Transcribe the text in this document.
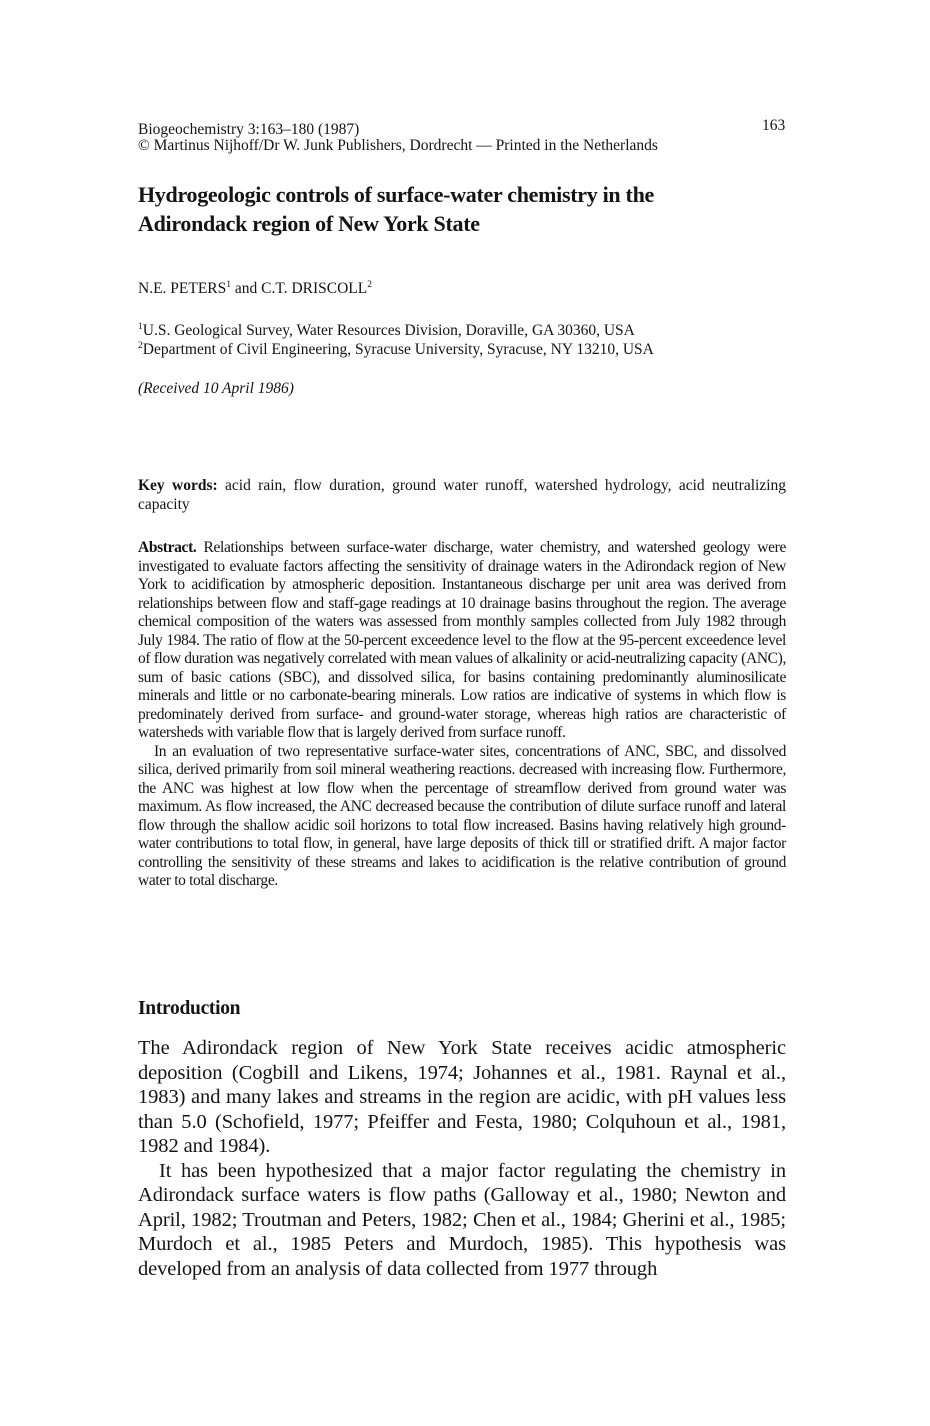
Biogeochemistry 3:163–180 (1987)
© Martinus Nijhoff/Dr W. Junk Publishers, Dordrecht — Printed in the Netherlands
163
Hydrogeologic controls of surface-water chemistry in the
Adirondack region of New York State
N.E. PETERS$^1$ and C.T. DRISCOLL$^2$
$^1$U.S. Geological Survey, Water Resources Division, Doraville, GA 30360, USA
$^2$Department of Civil Engineering, Syracuse University, Syracuse, NY 13210, USA
(Received 10 April 1986)
Key words: acid rain, flow duration, ground water runoff, watershed hydrology, acid neutralizing capacity

Abstract. Relationships between surface-water discharge, water chemistry, and watershed geology were investigated to evaluate factors affecting the sensitivity of drainage waters in the Adirondack region of New York to acidification by atmospheric deposition. Instantaneous discharge per unit area was derived from relationships between flow and staff-gage readings at 10 drainage basins throughout the region. The average chemical composition of the waters was assessed from monthly samples collected from July 1982 through July 1984. The ratio of flow at the 50-percent exceedence level to the flow at the 95-percent exceedence level of flow duration was negatively correlated with mean values of alkalinity or acid-neutralizing capacity (ANC), sum of basic cations (SBC), and dissolved silica, for basins containing predominantly aluminosilicate minerals and little or no carbonate-bearing minerals. Low ratios are indicative of systems in which flow is predominately derived from surface- and ground-water storage, whereas high ratios are characteristic of watersheds with variable flow that is largely derived from surface runoff.

In an evaluation of two representative surface-water sites, concentrations of ANC, SBC, and dissolved silica, derived primarily from soil mineral weathering reactions. decreased with increasing flow. Furthermore, the ANC was highest at low flow when the percentage of streamflow derived from ground water was maximum. As flow increased, the ANC decreased because the contribution of dilute surface runoff and lateral flow through the shallow acidic soil horizons to total flow increased. Basins having relatively high ground-water contributions to total flow, in general, have large deposits of thick till or stratified drift. A major factor controlling the sensitivity of these streams and lakes to acidification is the relative contribution of ground water to total discharge.

Introduction

The Adirondack region of New York State receives acidic atmospheric deposition (Cogbill and Likens, 1974; Johannes et al., 1981. Raynal et al., 1983) and many lakes and streams in the region are acidic, with pH values less than 5.0 (Schofield, 1977; Pfeiffer and Festa, 1980; Colquhoun et al., 1981, 1982 and 1984).

It has been hypothesized that a major factor regulating the chemistry in Adirondack surface waters is flow paths (Galloway et al., 1980; Newton and April, 1982; Troutman and Peters, 1982; Chen et al., 1984; Gherini et al., 1985; Murdoch et al., 1985 Peters and Murdoch, 1985). This hypothesis was developed from an analysis of data collected from 1977 through
